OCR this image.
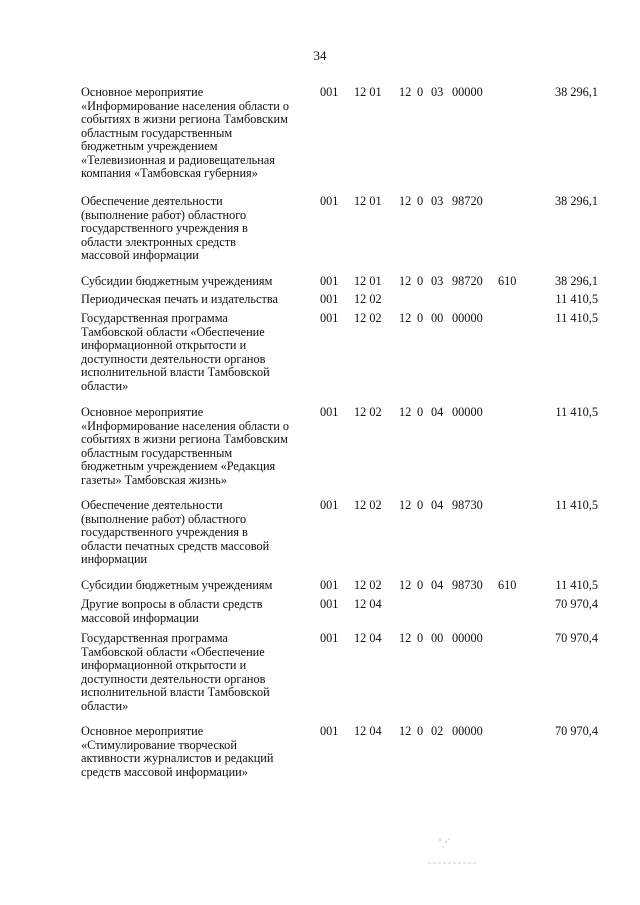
34
Основное мероприятие
«Информирование населения области о
событиях в жизни региона Тамбовским
областным государственным
бюджетным учреждением
«Телевизионная и радиовещательная
компания «Тамбовская губерния»
001 12 01 12 0 03 00000	38 296,1
Обеспечение деятельности
(выполнение работ) областного
государственного учреждения в
области электронных средств
массовой информации
001 12 01 12 0 03 98720	38 296,1
Субсидии бюджетным учреждениям	001 12 01 12 0 03 98720 610	38 296,1
Периодическая печать и издательства	001 12 02	11 410,5
Государственная программа
Тамбовской области «Обеспечение
информационной открытости и
доступности деятельности органов
исполнительной власти Тамбовской
области»
001 12 02 12 0 00 00000	11 410,5
Основное мероприятие
«Информирование населения области о
событиях в жизни региона Тамбовским
областным государственным
бюджетным учреждением «Редакция
газеты» Тамбовская жизнь»
001 12 02 12 0 04 00000	11 410,5
Обеспечение деятельности
(выполнение работ) областного
государственного учреждения в
области печатных средств массовой
информации
001 12 02 12 0 04 98730	11 410,5
Субсидии бюджетным учреждениям	001 12 02 12 0 04 98730 610	11 410,5
Другие вопросы в области средств
массовой информации
001 12 04	70 970,4
Государственная программа
Тамбовской области «Обеспечение
информационной открытости и
доступности деятельности органов
исполнительной власти Тамбовской
области»
001 12 04 12 0 00 00000	70 970,4
Основное мероприятие
«Стимулирование творческой
активности журналистов и редакций
средств массовой информации»
001 12 04 12 0 02 00000	70 970,4
